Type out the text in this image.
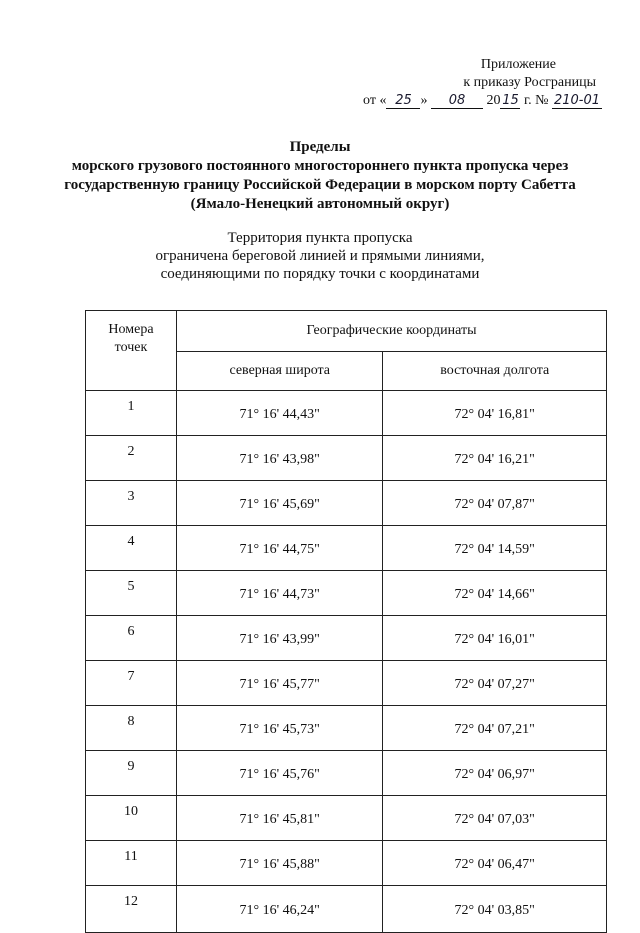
Приложение
к приказу Росграницы
от « 25 » 08 20 15 г. № 210-01
Пределы
морского грузового постоянного многостороннего пункта пропуска через
государственную границу Российской Федерации в морском порту Сабетта
(Ямало-Ненецкий автономный округ)
Территория пункта пропуска
ограничена береговой линией и прямыми линиями,
соединяющими по порядку точки с координатами
Номера
точек	Географические координаты	
	северная широта	восточная долгота
1	71° 16' 44,43"	72° 04' 16,81"
2	71° 16' 43,98"	72° 04' 16,21"
3	71° 16' 45,69"	72° 04' 07,87"
4	71° 16' 44,75"	72° 04' 14,59"
5	71° 16' 44,73"	72° 04' 14,66"
6	71° 16' 43,99"	72° 04' 16,01"
7	71° 16' 45,77"	72° 04' 07,27"
8	71° 16' 45,73"	72° 04' 07,21"
9	71° 16' 45,76"	72° 04' 06,97"
10	71° 16' 45,81"	72° 04' 07,03"
11	71° 16' 45,88"	72° 04' 06,47"
12	71° 16' 46,24"	72° 04' 03,85"
